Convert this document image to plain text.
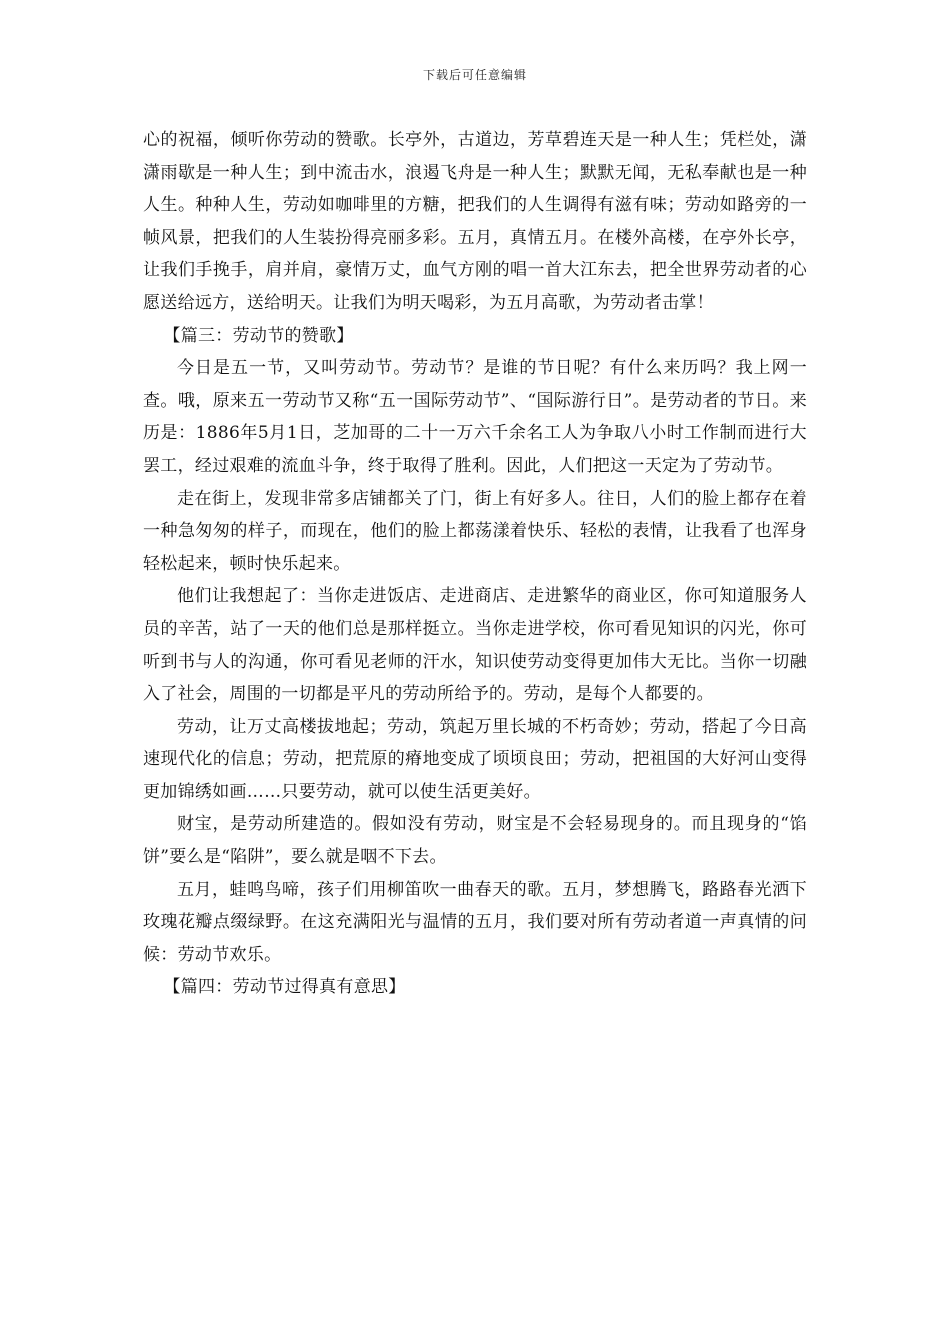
下载后可任意编辑

心的祝福，倾听你劳动的赞歌。长亭外，古道边，芳草碧连天是一种人生；凭栏处，潇潇雨歇是一种人生；到中流击水，浪遏飞舟是一种人生；默默无闻，无私奉献也是一种人生。种种人生，劳动如咖啡里的方糖，把我们的人生调得有滋有味；劳动如路旁的一帧风景，把我们的人生装扮得亮丽多彩。五月，真情五月。在楼外高楼，在亭外长亭，让我们手挽手，肩并肩，豪情万丈，血气方刚的唱一首大江东去，把全世界劳动者的心愿送给远方，送给明天。让我们为明天喝彩，为五月高歌，为劳动者击掌！

【篇三：劳动节的赞歌】

今日是五一节，又叫劳动节。劳动节？是谁的节日呢？有什么来历吗？我上网一查。哦，原来五一劳动节又称“五一国际劳动节”、“国际游行日”。是劳动者的节日。来历是：1886年5月1日，芝加哥的二十一万六千余名工人为争取八小时工作制而进行大罢工，经过艰难的流血斗争，终于取得了胜利。因此，人们把这一天定为了劳动节。

走在街上，发现非常多店铺都关了门，街上有好多人。往日，人们的脸上都存在着一种急匆匆的样子，而现在，他们的脸上都荡漾着快乐、轻松的表情，让我看了也浑身轻松起来，顿时快乐起来。

他们让我想起了：当你走进饭店、走进商店、走进繁华的商业区，你可知道服务人员的辛苦，站了一天的他们总是那样挺立。当你走进学校，你可看见知识的闪光，你可听到书与人的沟通，你可看见老师的汗水，知识使劳动变得更加伟大无比。当你一切融入了社会，周围的一切都是平凡的劳动所给予的。劳动，是每个人都要的。

劳动，让万丈高楼拔地起；劳动，筑起万里长城的不朽奇妙；劳动，搭起了今日高速现代化的信息；劳动，把荒原的瘠地变成了顷顷良田；劳动，把祖国的大好河山变得更加锦绣如画……只要劳动，就可以使生活更美好。

财宝，是劳动所建造的。假如没有劳动，财宝是不会轻易现身的。而且现身的“馅饼”要么是“陷阱”，要么就是咽不下去。

五月，蛙鸣鸟啼，孩子们用柳笛吹一曲春天的歌。五月，梦想腾飞，路路春光洒下玫瑰花瓣点缀绿野。在这充满阳光与温情的五月，我们要对所有劳动者道一声真情的问候：劳动节欢乐。

【篇四：劳动节过得真有意思】
